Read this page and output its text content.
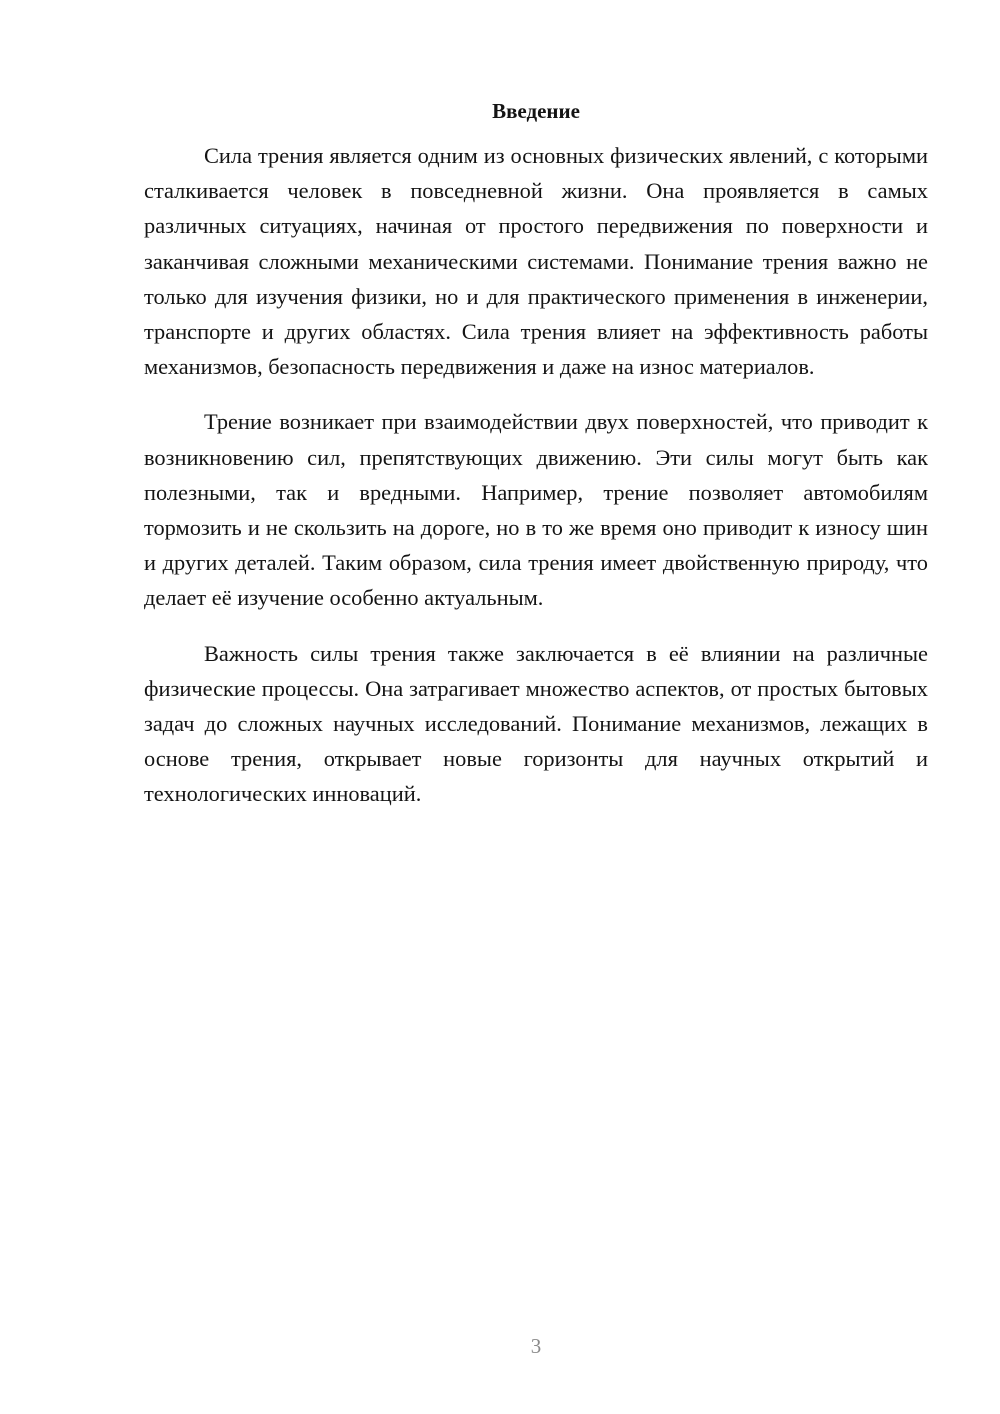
Введение

Сила трения является одним из основных физических явлений, с которыми сталкивается человек в повседневной жизни. Она проявляется в самых различных ситуациях, начиная от простого передвижения по поверхности и заканчивая сложными механическими системами. Понимание трения важно не только для изучения физики, но и для практического применения в инженерии, транспорте и других областях. Сила трения влияет на эффективность работы механизмов, безопасность передвижения и даже на износ материалов.

Трение возникает при взаимодействии двух поверхностей, что приводит к возникновению сил, препятствующих движению. Эти силы могут быть как полезными, так и вредными. Например, трение позволяет автомобилям тормозить и не скользить на дороге, но в то же время оно приводит к износу шин и других деталей. Таким образом, сила трения имеет двойственную природу, что делает её изучение особенно актуальным.

Важность силы трения также заключается в её влиянии на различные физические процессы. Она затрагивает множество аспектов, от простых бытовых задач до сложных научных исследований. Понимание механизмов, лежащих в основе трения, открывает новые горизонты для научных открытий и технологических инноваций.

3
